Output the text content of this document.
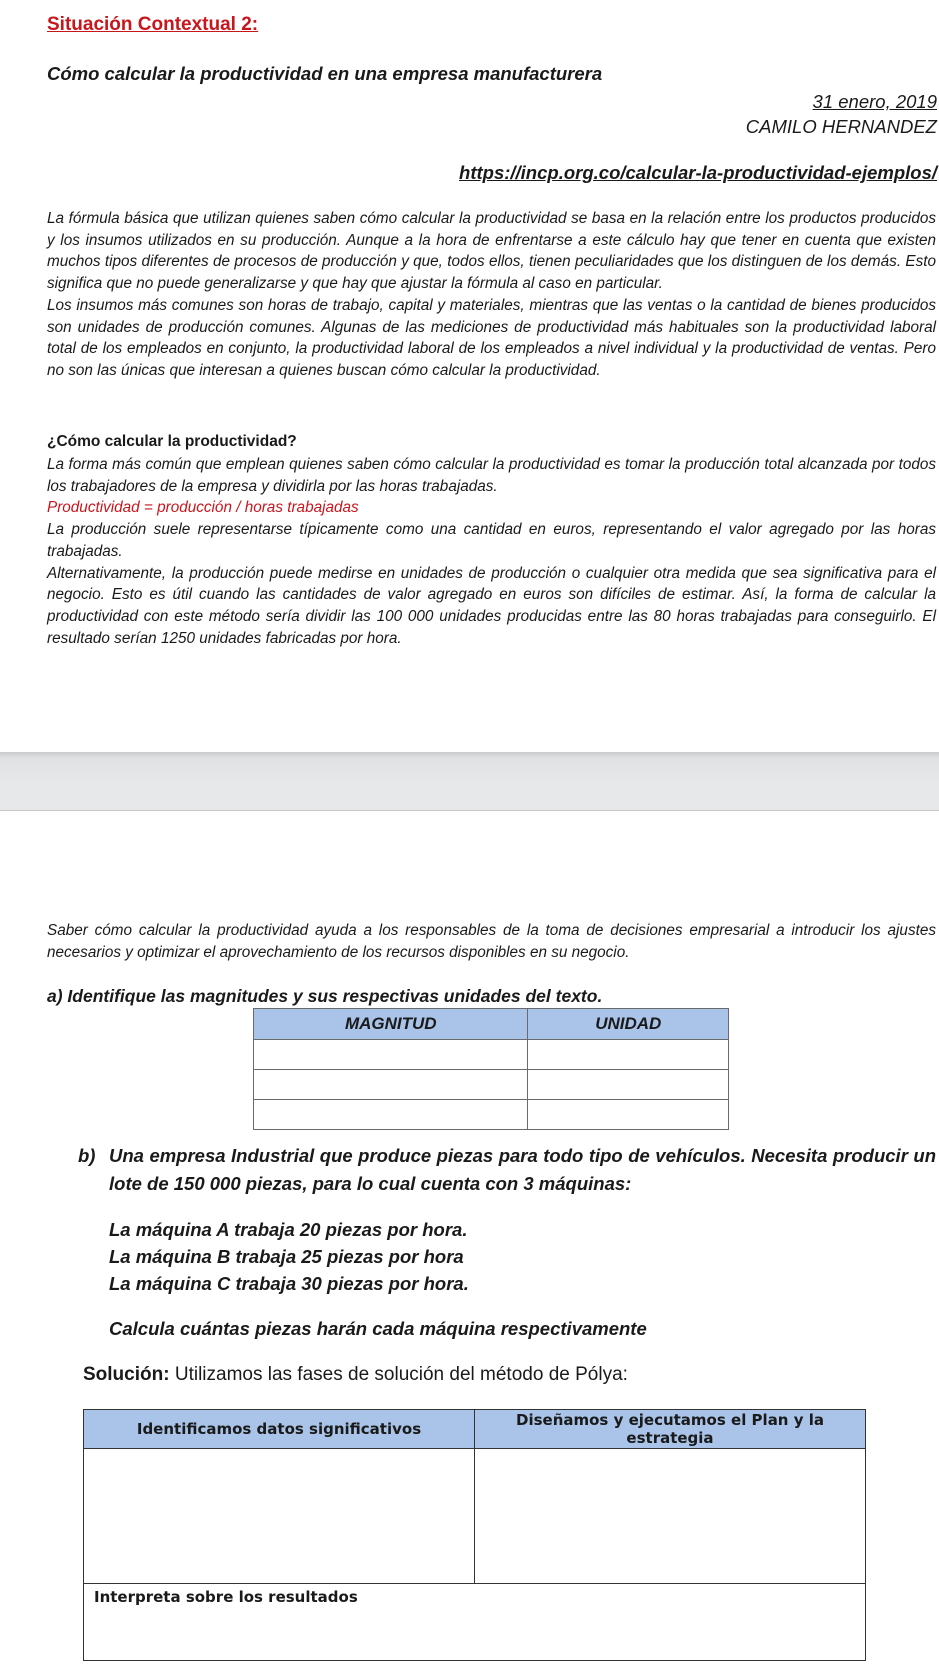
Situación Contextual 2:
Cómo calcular la productividad en una empresa manufacturera
31 enero, 2019
CAMILO HERNANDEZ
https://incp.org.co/calcular-la-productividad-ejemplos/

La fórmula básica que utilizan quienes saben cómo calcular la productividad se basa en la relación entre los productos producidos y los insumos utilizados en su producción. Aunque a la hora de enfrentarse a este cálculo hay que tener en cuenta que existen muchos tipos diferentes de procesos de producción y que, todos ellos, tienen peculiaridades que los distinguen de los demás. Esto significa que no puede generalizarse y que hay que ajustar la fórmula al caso en particular.

Los insumos más comunes son horas de trabajo, capital y materiales, mientras que las ventas o la cantidad de bienes producidos son unidades de producción comunes. Algunas de las mediciones de productividad más habituales son la productividad laboral total de los empleados en conjunto, la productividad laboral de los empleados a nivel individual y la productividad de ventas. Pero no son las únicas que interesan a quienes buscan cómo calcular la productividad.

¿Cómo calcular la productividad?

La forma más común que emplean quienes saben cómo calcular la productividad es tomar la producción total alcanzada por todos los trabajadores de la empresa y dividirla por las horas trabajadas.

Productividad = producción / horas trabajadas

La producción suele representarse típicamente como una cantidad en euros, representando el valor agregado por las horas trabajadas.

Alternativamente, la producción puede medirse en unidades de producción o cualquier otra medida que sea significativa para el negocio. Esto es útil cuando las cantidades de valor agregado en euros son difíciles de estimar. Así, la forma de calcular la productividad con este método sería dividir las 100 000 unidades producidas entre las 80 horas trabajadas para conseguirlo. El resultado serían 1250 unidades fabricadas por hora.

Saber cómo calcular la productividad ayuda a los responsables de la toma de decisiones empresarial a introducir los ajustes necesarios y optimizar el aprovechamiento de los recursos disponibles en su negocio.

a) Identifique las magnitudes y sus respectivas unidades del texto.
MAGNITUD	UNIDAD

b) Una empresa Industrial que produce piezas para todo tipo de vehículos. Necesita producir un lote de 150 000 piezas, para lo cual cuenta con 3 máquinas:
La máquina A trabaja 20 piezas por hora.
La máquina B trabaja 25 piezas por hora
La máquina C trabaja 30 piezas por hora.
Calcula cuántas piezas harán cada máquina respectivamente
Solución: Utilizamos las fases de solución del método de Pólya:
Identificamos datos significativos	Diseñamos y ejecutamos el Plan y la estrategia

Interpreta sobre los resultados	
